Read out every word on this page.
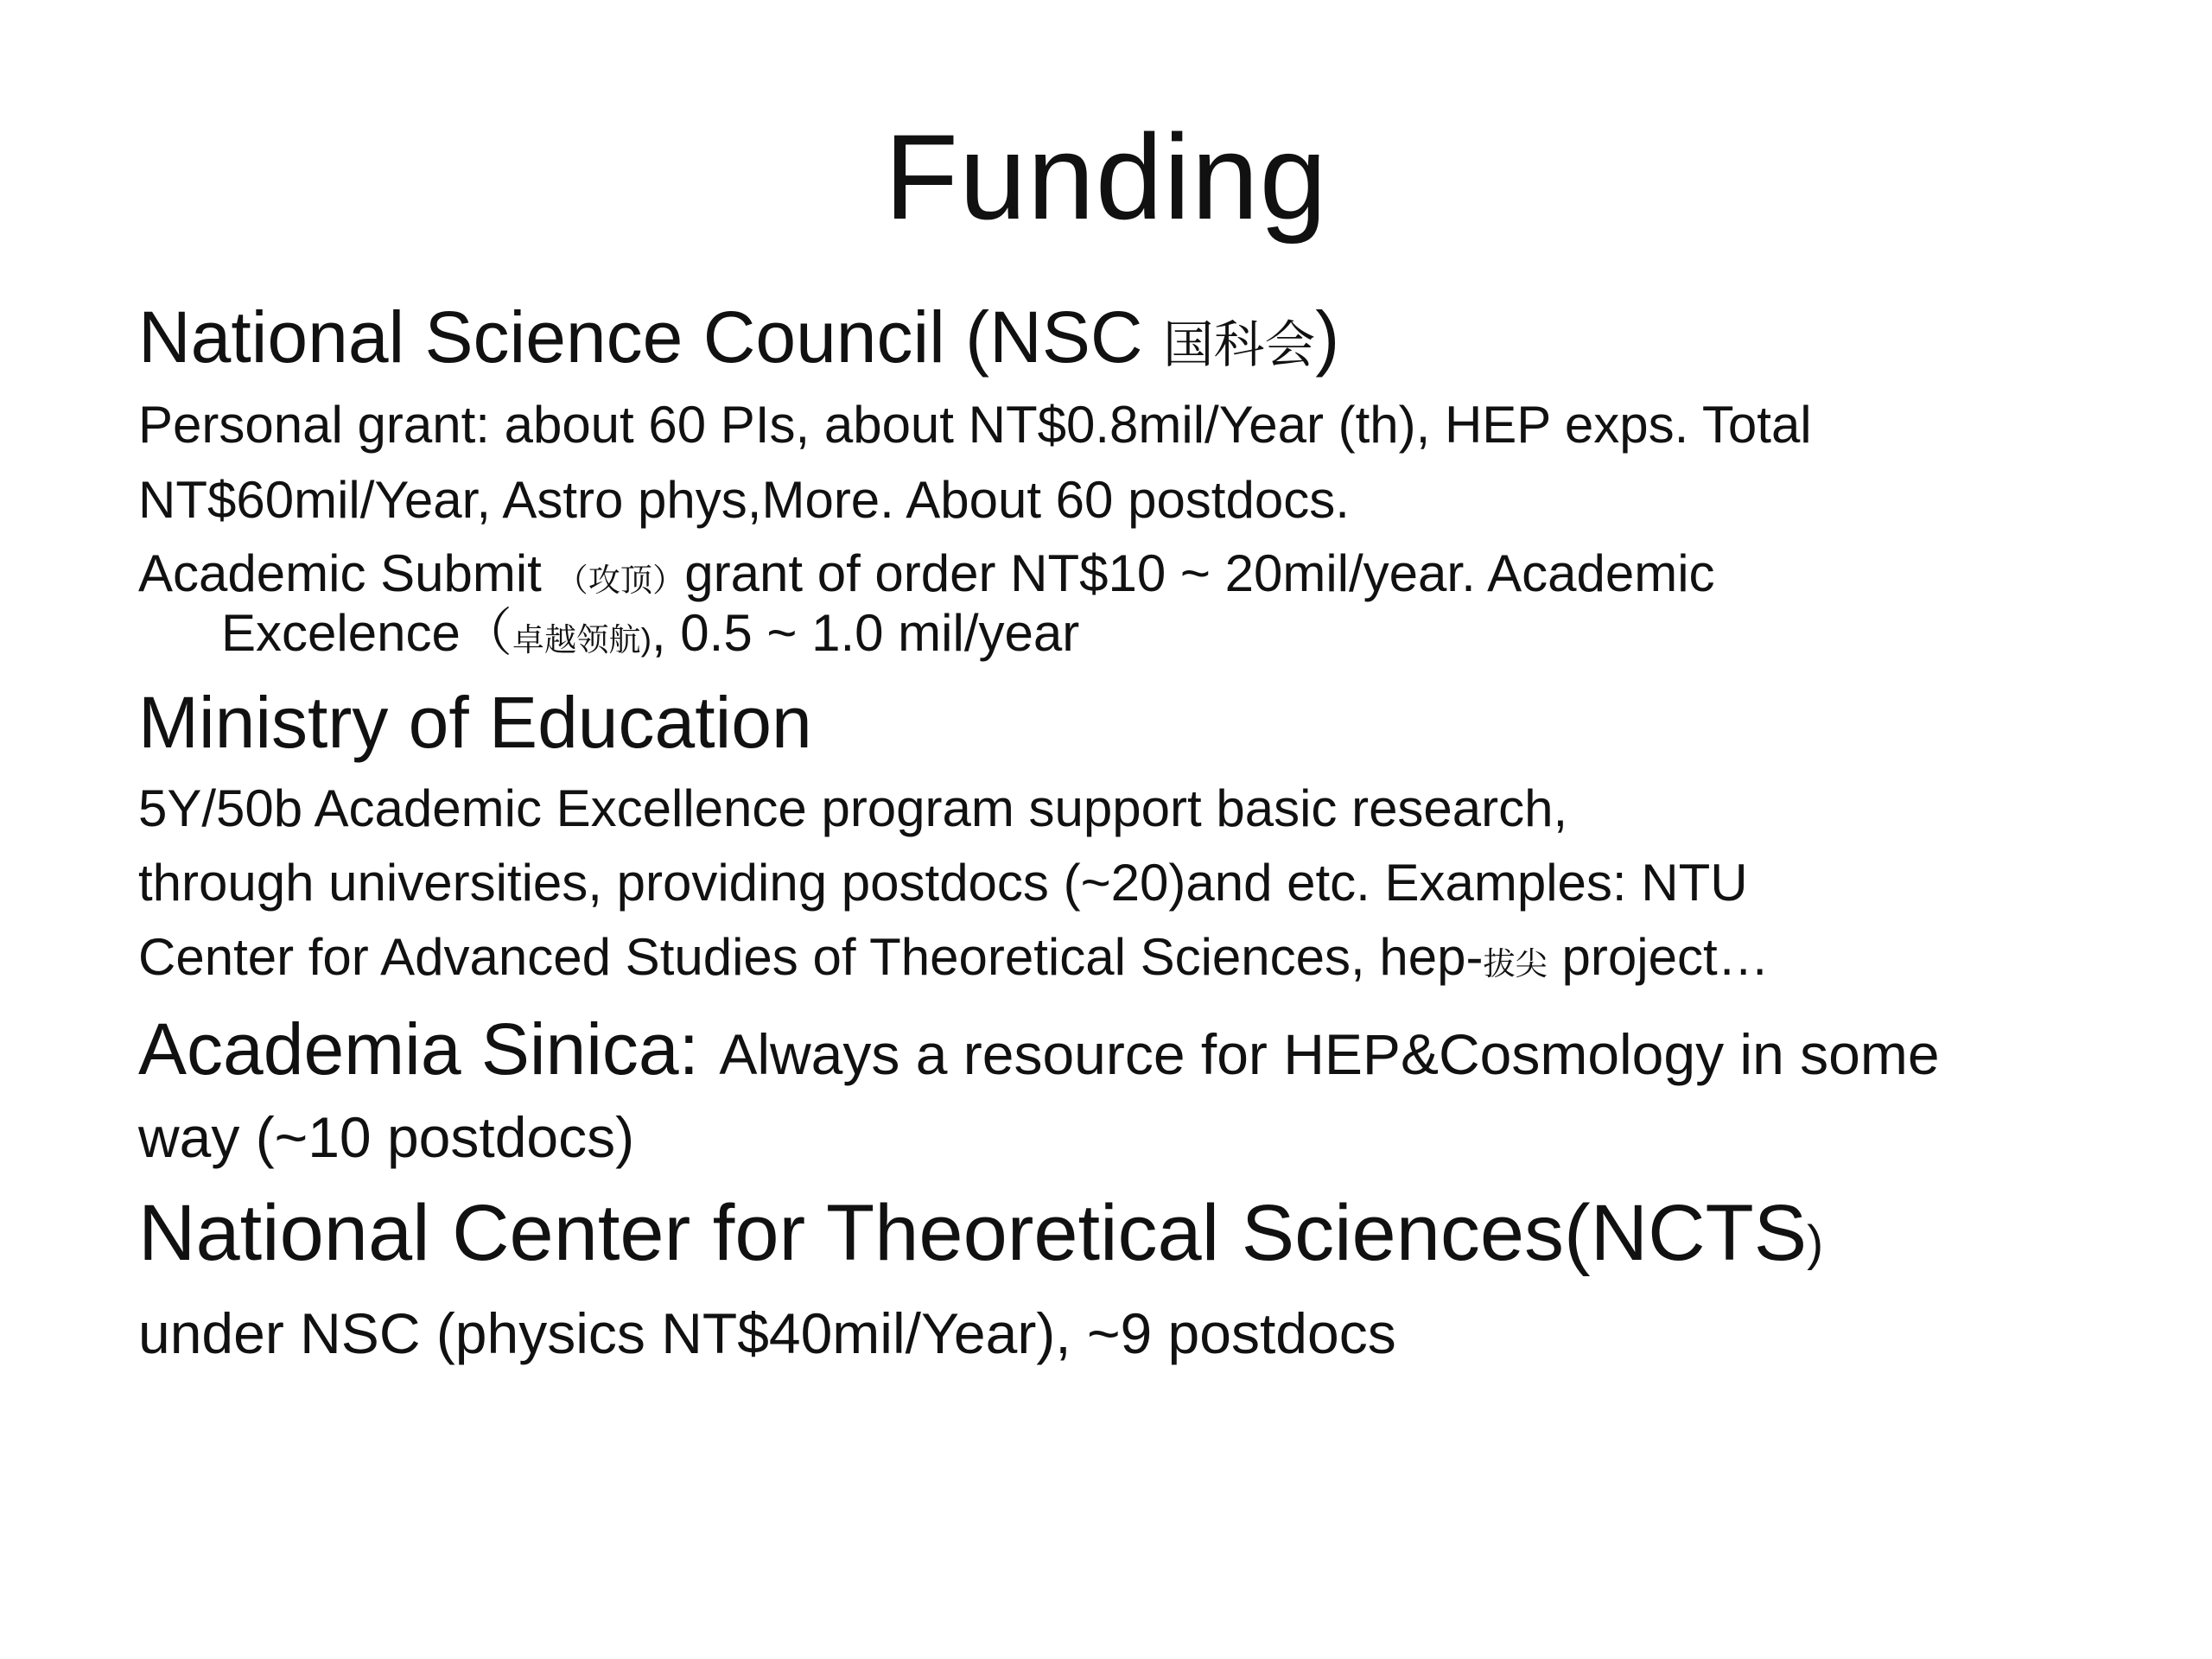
Funding
National Science Council (NSC 国科会)
Personal grant: about 60 PIs, about NT$0.8mil/Year (th), HEP exps. Total
NT$60mil/Year, Astro phys,More. About 60 postdocs.
Academic Submit （攻顶）grant of order NT$10 ~ 20mil/year. Academic
Excelence（卓越领航), 0.5 ~ 1.0 mil/year
Ministry of Education
5Y/50b Academic Excellence program support basic research,
through universities, providing postdocs (~20)and etc. Examples: NTU
Center for Advanced Studies of Theoretical Sciences, hep-拔尖 project…
Academia Sinica: Always a resource for HEP&Cosmology in some
way (~10 postdocs)
National Center for Theoretical Sciences(NCTS)
under NSC (physics NT$40mil/Year), ~9 postdocs
